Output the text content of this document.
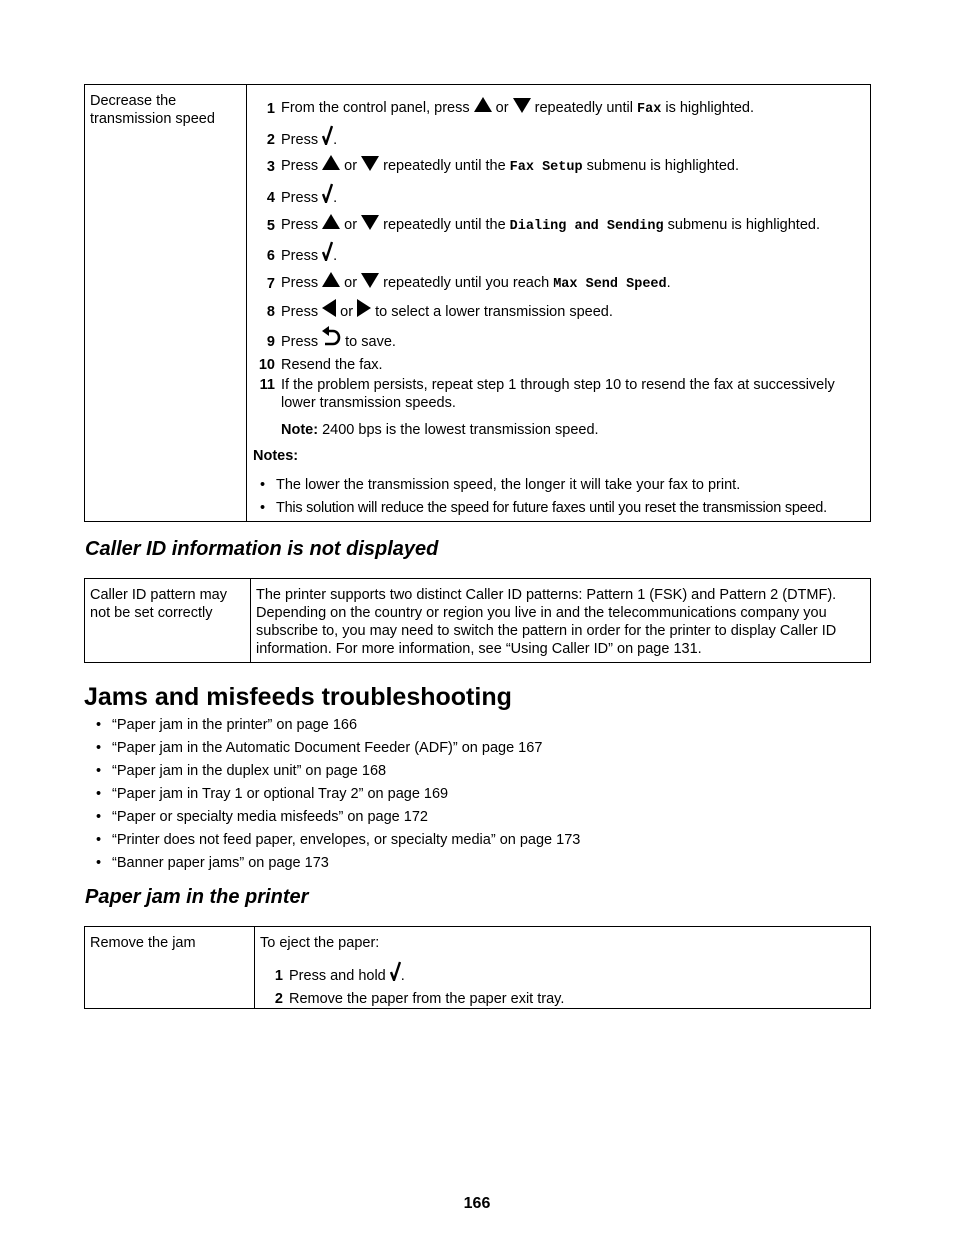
Decrease the transmission speed	
1 From the control panel, press or repeatedly until Fax is highlighted.
2 Press .
3 Press or repeatedly until the Fax Setup submenu is highlighted.
4 Press .
5 Press or repeatedly until the Dialing and Sending submenu is highlighted.
6 Press .
7 Press or repeatedly until you reach Max Send Speed.
8 Press or to select a lower transmission speed.
9 Press to save.
10 Resend the fax.
11 If the problem persists, repeat step 1 through step 10 to resend the fax at successively lower transmission speeds.
Note: 2400 bps is the lowest transmission speed.
Notes:
• The lower the transmission speed, the longer it will take your fax to print.
• This solution will reduce the speed for future faxes until you reset the transmission speed.
Caller ID information is not displayed
Caller ID pattern may not be set correctly	The printer supports two distinct Caller ID patterns: Pattern 1 (FSK) and Pattern 2 (DTMF). Depending on the country or region you live in and the telecommunications company you subscribe to, you may need to switch the pattern in order for the printer to display Caller ID information. For more information, see “Using Caller ID” on page 131.
Jams and misfeeds troubleshooting
• “Paper jam in the printer” on page 166
• “Paper jam in the Automatic Document Feeder (ADF)” on page 167
• “Paper jam in the duplex unit” on page 168
• “Paper jam in Tray 1 or optional Tray 2” on page 169
• “Paper or specialty media misfeeds” on page 172
• “Printer does not feed paper, envelopes, or specialty media” on page 173
• “Banner paper jams” on page 173
Paper jam in the printer
Remove the jam	To eject the paper:
1 Press and hold .
2 Remove the paper from the paper exit tray.
166
